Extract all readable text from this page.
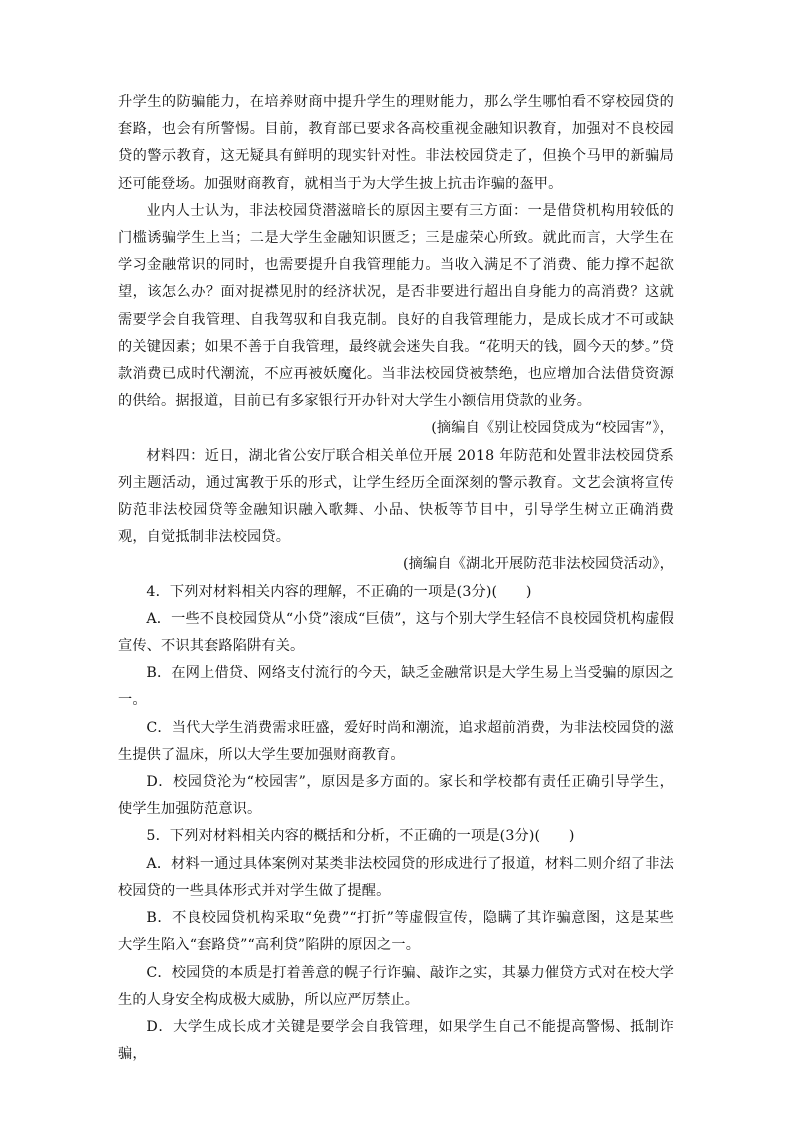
升学生的防骗能力，在培养财商中提升学生的理财能力，那么学生哪怕看不穿校园贷的套路，也会有所警惕。目前，教育部已要求各高校重视金融知识教育，加强对不良校园贷的警示教育，这无疑具有鲜明的现实针对性。非法校园贷走了，但换个马甲的新骗局还可能登场。加强财商教育，就相当于为大学生披上抗击诈骗的盔甲。

业内人士认为，非法校园贷潜滋暗长的原因主要有三方面：一是借贷机构用较低的门槛诱骗学生上当；二是大学生金融知识匮乏；三是虚荣心所致。就此而言，大学生在学习金融常识的同时，也需要提升自我管理能力。当收入满足不了消费、能力撑不起欲望，该怎么办？面对捉襟见肘的经济状况，是否非要进行超出自身能力的高消费？这就需要学会自我管理、自我驾驭和自我克制。良好的自我管理能力，是成长成才不可或缺的关键因素；如果不善于自我管理，最终就会迷失自我。“花明天的钱，圆今天的梦。”贷款消费已成时代潮流，不应再被妖魔化。当非法校园贷被禁绝，也应增加合法借贷资源的供给。据报道，目前已有多家银行开办针对大学生小额信用贷款的业务。

(摘编自《别让校园贷成为“校园害”》，

材料四：近日，湖北省公安厅联合相关单位开展 2018 年防范和处置非法校园贷系列主题活动，通过寓教于乐的形式，让学生经历全面深刻的警示教育。文艺会演将宣传防范非法校园贷等金融知识融入歌舞、小品、快板等节目中，引导学生树立正确消费观，自觉抵制非法校园贷。

(摘编自《湖北开展防范非法校园贷活动》，

4．下列对材料相关内容的理解，不正确的一项是(3分)(　　)

A．一些不良校园贷从“小贷”滚成“巨债”，这与个别大学生轻信不良校园贷机构虚假宣传、不识其套路陷阱有关。

B．在网上借贷、网络支付流行的今天，缺乏金融常识是大学生易上当受骗的原因之一。

C．当代大学生消费需求旺盛，爱好时尚和潮流，追求超前消费，为非法校园贷的滋生提供了温床，所以大学生要加强财商教育。

D．校园贷沦为“校园害”，原因是多方面的。家长和学校都有责任正确引导学生，使学生加强防范意识。

5．下列对材料相关内容的概括和分析，不正确的一项是(3分)(　　)

A．材料一通过具体案例对某类非法校园贷的形成进行了报道，材料二则介绍了非法校园贷的一些具体形式并对学生做了提醒。

B．不良校园贷机构采取“免费”“打折”等虚假宣传，隐瞒了其诈骗意图，这是某些大学生陷入“套路贷”“高利贷”陷阱的原因之一。

C．校园贷的本质是打着善意的幌子行诈骗、敲诈之实，其暴力催贷方式对在校大学生的人身安全构成极大威胁，所以应严厉禁止。

D．大学生成长成才关键是要学会自我管理，如果学生自己不能提高警惕、抵制诈骗，
